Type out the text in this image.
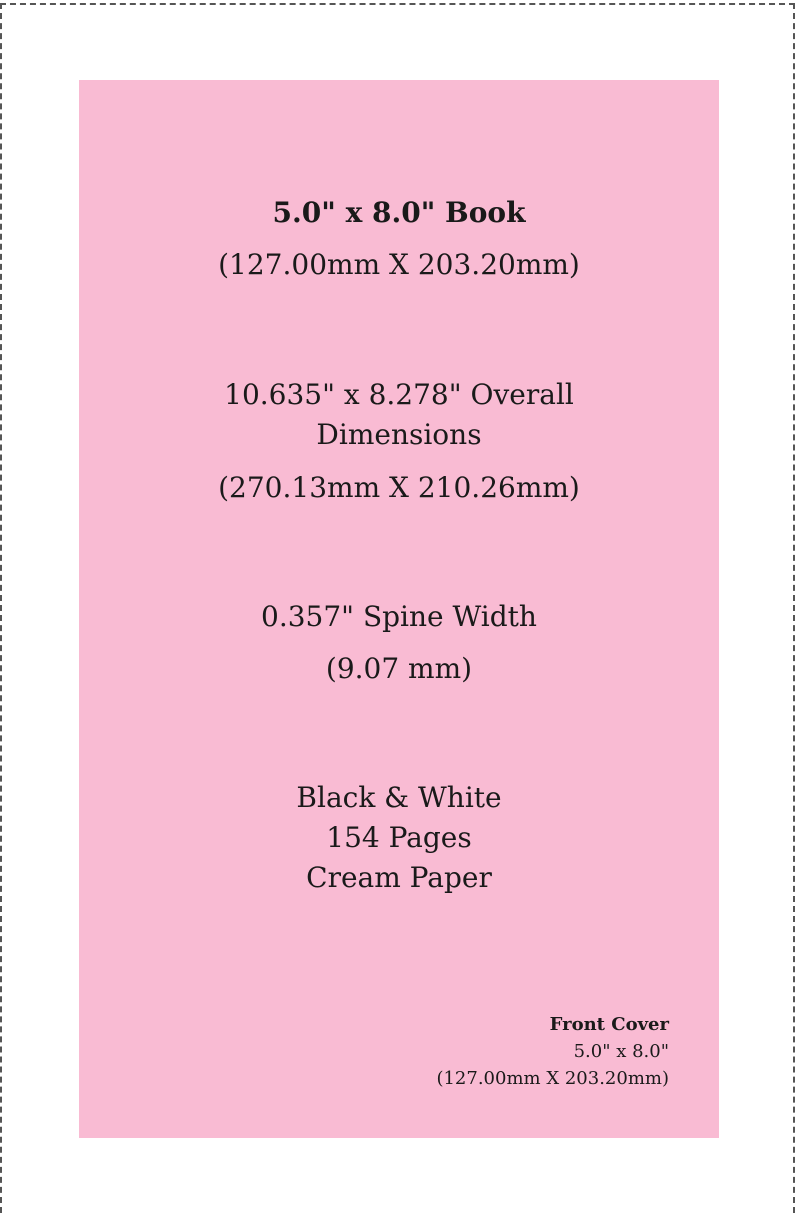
5.0" x 8.0" Book
(127.00mm X 203.20mm)
10.635" x 8.278" Overall
Dimensions
(270.13mm X 210.26mm)
0.357" Spine Width
(9.07 mm)
Black & White
154 Pages
Cream Paper
Front Cover
5.0" x 8.0"
(127.00mm X 203.20mm)
